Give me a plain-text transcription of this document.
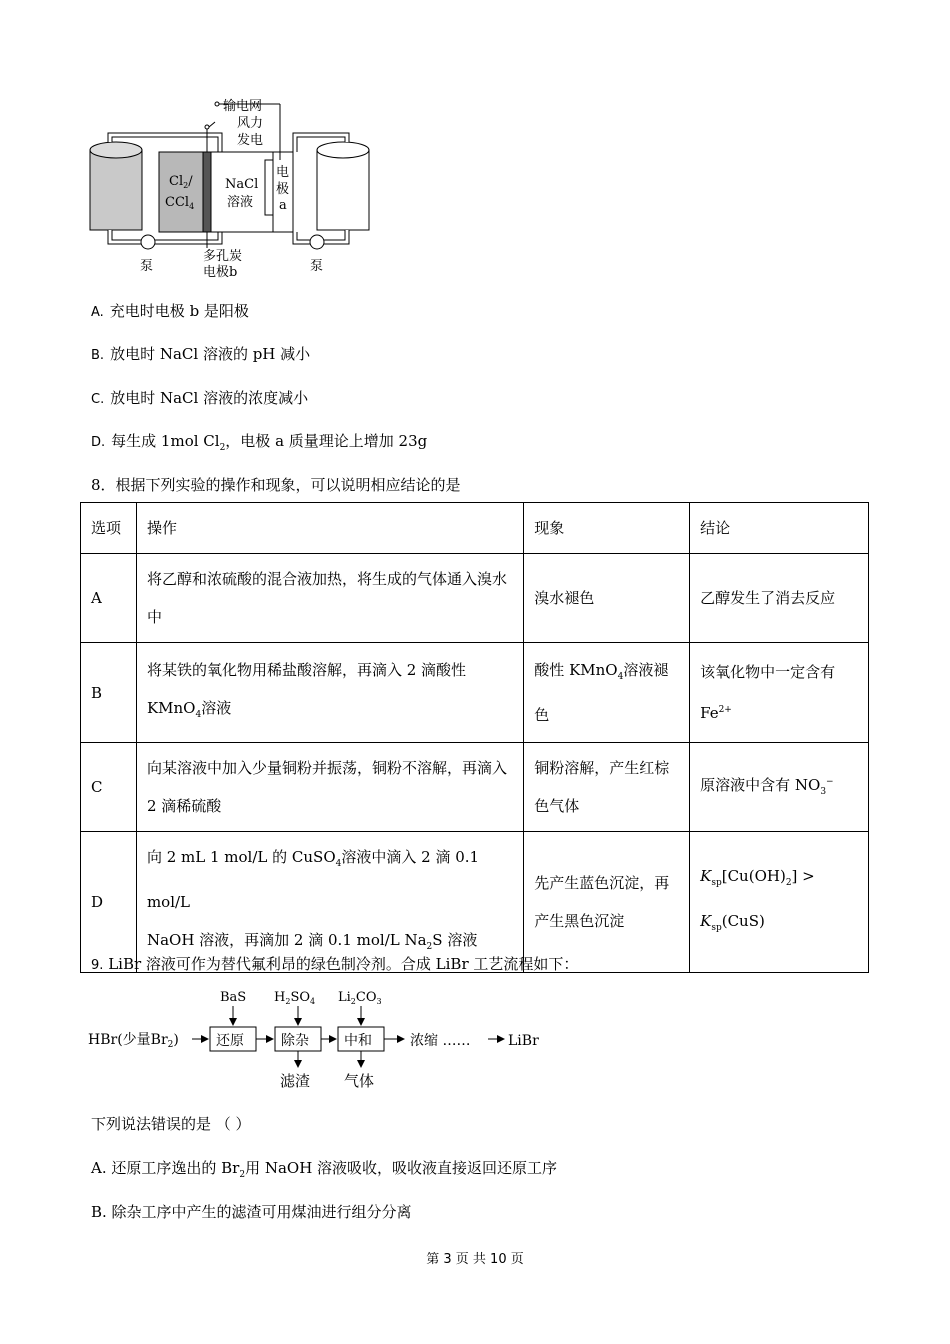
输电网
风力
发电
$Cl_2/$
CCl$_4$
NaCl
溶液
电
极
a
泵	泵
多孔炭
电极b
A. 充电时电极 b 是阳极
B. 放电时 NaCl 溶液的 pH 减小
C. 放电时 NaCl 溶液的浓度减小
D. 每生成 1mol $Cl_2$，电极 a 质量理论上增加 23g
8．根据下列实验的操作和现象，可以说明相应结论的是
选项	操作	现象	结论
A	将乙醇和浓硫酸的混合液加热，将生成的气体通入溴水中	溴水褪色	乙醇发生了消去反应
B	将某铁的氧化物用稀盐酸溶解，再滴入 2 滴酸性
KMnO$_4$溶液	酸性 KMnO$_4$溶液褪色	该氧化物中一定含有
$Fe^{2+}$
C	向某溶液中加入少量铜粉并振荡，铜粉不溶解，再滴入 2 滴稀硫酸	铜粉溶解，产生红棕色气体	原溶液中含有 $NO_3^-$
D	向 2 mL 1 mol/L 的 CuSO$_4$溶液中滴入 2 滴 0.1 mol/L
NaOH 溶液，再滴加 2 滴 0.1 mol/L $Na_2S$ 溶液	先产生蓝色沉淀，再产生黑色沉淀	$K_{sp}[Cu(OH)_2]$ >
$K_{sp}(CuS)$
9. LiBr 溶液可作为替代氟利昂的绿色制冷剂。合成 LiBr 工艺流程如下：
HBr(少量$Br_2$)	还原	除杂	中和	浓缩 ……	LiBr
BaS $H_2SO_4$ $Li_2CO_3$
滤渣 气体
下列说法错误的是 （ ）
A. 还原工序逸出的 $Br_2$用 NaOH 溶液吸收，吸收液直接返回还原工序
B. 除杂工序中产生的滤渣可用煤油进行组分分离
第 3 页 共 10 页
